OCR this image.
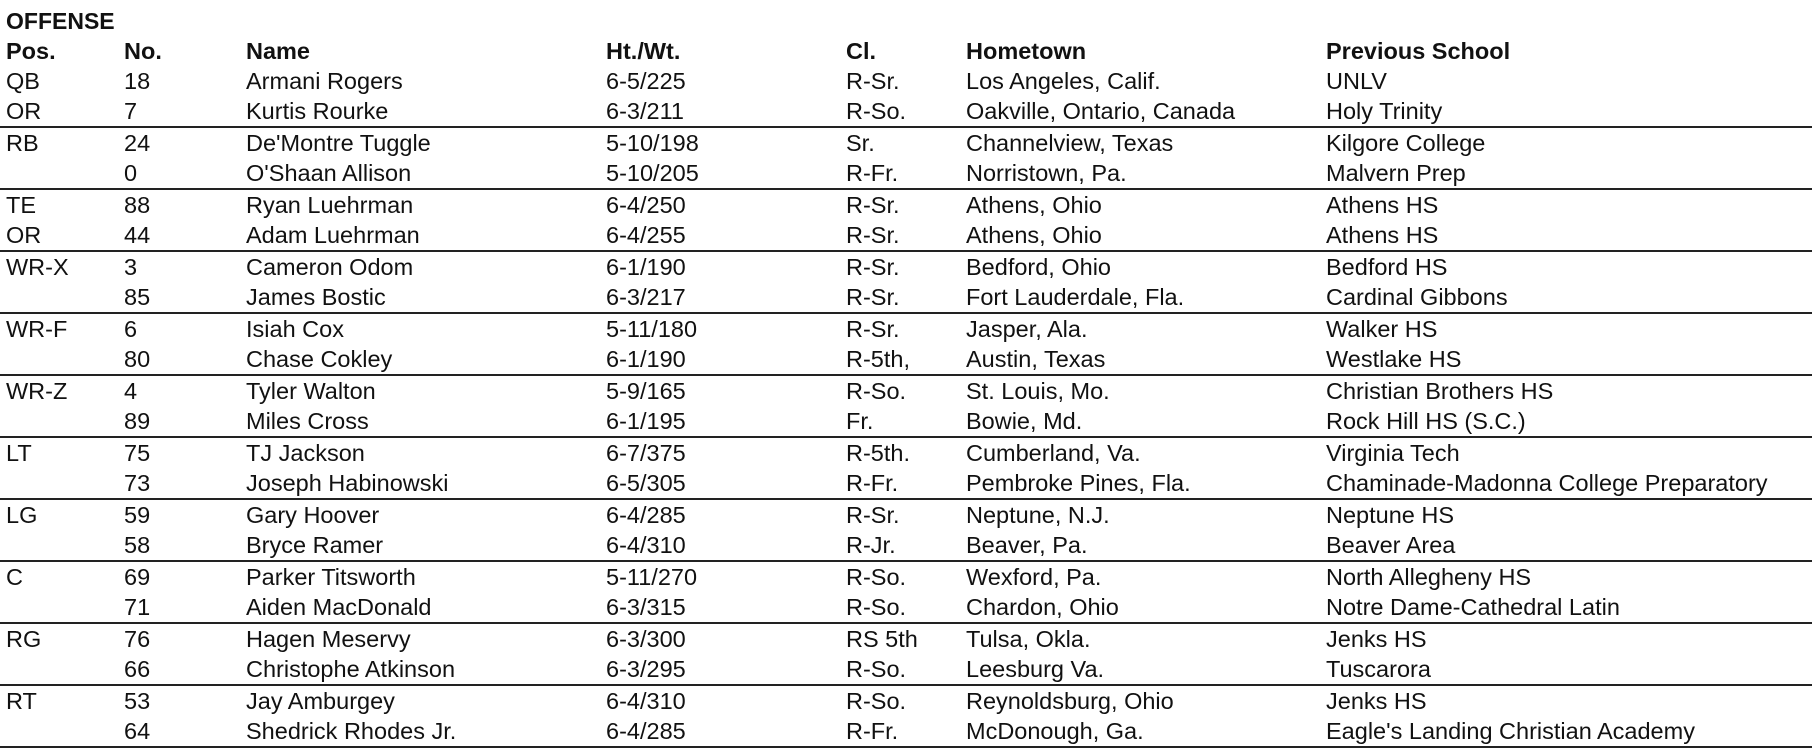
OFFENSE
Pos.	No.	Name	Ht./Wt.	Cl.	Hometown	Previous School
QB	18	Armani Rogers	6-5/225	R-Sr.	Los Angeles, Calif.	UNLV
OR	7	Kurtis Rourke	6-3/211	R-So.	Oakville, Ontario, Canada	Holy Trinity
RB	24	De'Montre Tuggle	5-10/198	Sr.	Channelview, Texas	Kilgore College
	0	O'Shaan Allison	5-10/205	R-Fr.	Norristown, Pa.	Malvern Prep
TE	88	Ryan Luehrman	6-4/250	R-Sr.	Athens, Ohio	Athens HS
OR	44	Adam Luehrman	6-4/255	R-Sr.	Athens, Ohio	Athens HS
WR-X	3	Cameron Odom	6-1/190	R-Sr.	Bedford, Ohio	Bedford HS
	85	James Bostic	6-3/217	R-Sr.	Fort Lauderdale, Fla.	Cardinal Gibbons
WR-F	6	Isiah Cox	5-11/180	R-Sr.	Jasper, Ala.	Walker HS
	80	Chase Cokley	6-1/190	R-5th,	Austin, Texas	Westlake HS
WR-Z	4	Tyler Walton	5-9/165	R-So.	St. Louis, Mo.	Christian Brothers HS
	89	Miles Cross	6-1/195	Fr.	Bowie, Md.	Rock Hill HS (S.C.)
LT	75	TJ Jackson	6-7/375	R-5th.	Cumberland, Va.	Virginia Tech
	73	Joseph Habinowski	6-5/305	R-Fr.	Pembroke Pines, Fla.	Chaminade-Madonna College Preparatory
LG	59	Gary Hoover	6-4/285	R-Sr.	Neptune, N.J.	Neptune HS
	58	Bryce Ramer	6-4/310	R-Jr.	Beaver, Pa.	Beaver Area
C	69	Parker Titsworth	5-11/270	R-So.	Wexford, Pa.	North Allegheny HS
	71	Aiden MacDonald	6-3/315	R-So.	Chardon, Ohio	Notre Dame-Cathedral Latin
RG	76	Hagen Meservy	6-3/300	RS 5th	Tulsa, Okla.	Jenks HS
	66	Christophe Atkinson	6-3/295	R-So.	Leesburg Va.	Tuscarora
RT	53	Jay Amburgey	6-4/310	R-So.	Reynoldsburg, Ohio	Jenks HS
	64	Shedrick Rhodes Jr.	6-4/285	R-Fr.	McDonough, Ga.	Eagle's Landing Christian Academy
